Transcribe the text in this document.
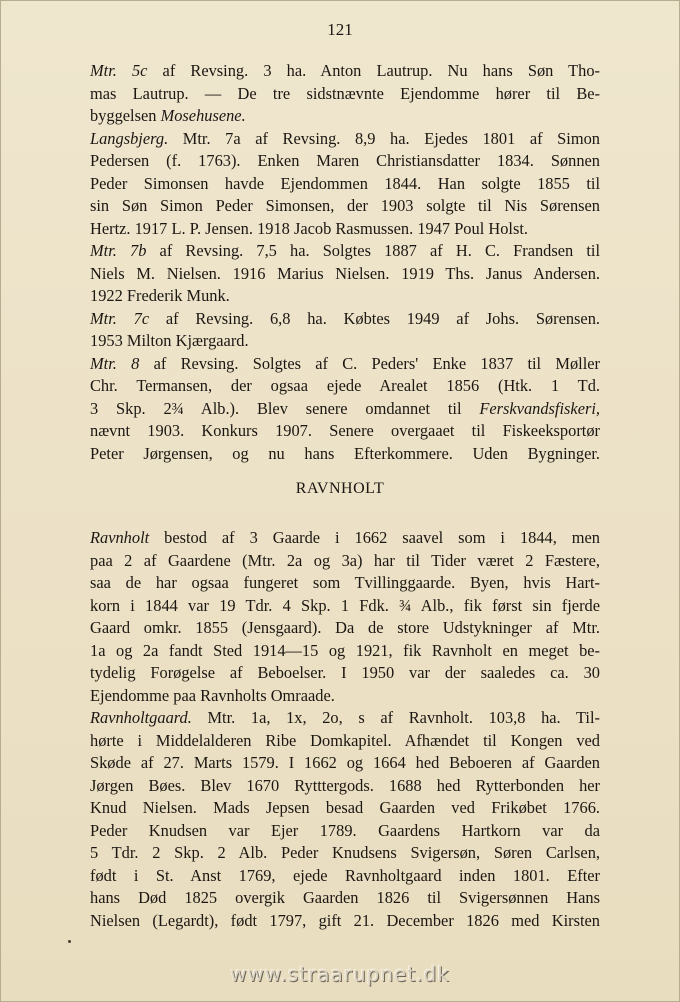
121
Mtr. 5c af Revsing. 3 ha. Anton Lautrup. Nu hans Søn Tho-
mas Lautrup. — De tre sidstnævnte Ejendomme hører til Be-
byggelsen Mosehusene.
Langsbjerg. Mtr. 7a af Revsing. 8,9 ha. Ejedes 1801 af Simon
Pedersen (f. 1763). Enken Maren Christiansdatter 1834. Sønnen
Peder Simonsen havde Ejendommen 1844. Han solgte 1855 til
sin Søn Simon Peder Simonsen, der 1903 solgte til Nis Sørensen
Hertz. 1917 L. P. Jensen. 1918 Jacob Rasmussen. 1947 Poul Holst.
Mtr. 7b af Revsing. 7,5 ha. Solgtes 1887 af H. C. Frandsen til
Niels M. Nielsen. 1916 Marius Nielsen. 1919 Ths. Janus Andersen.
1922 Frederik Munk.
Mtr. 7c af Revsing. 6,8 ha. Købtes 1949 af Johs. Sørensen.
1953 Milton Kjærgaard.
Mtr. 8 af Revsing. Solgtes af C. Peders' Enke 1837 til Møller
Chr. Termansen, der ogsaa ejede Arealet 1856 (Htk. 1 Td.
3 Skp. 2¾ Alb.). Blev senere omdannet til Ferskvandsfiskeri,
nævnt 1903. Konkurs 1907. Senere overgaaet til Fiskeeksportør
Peter Jørgensen, og nu hans Efterkommere. Uden Bygninger.
RAVNHOLT
Ravnholt bestod af 3 Gaarde i 1662 saavel som i 1844, men
paa 2 af Gaardene (Mtr. 2a og 3a) har til Tider været 2 Fæstere,
saa de har ogsaa fungeret som Tvillinggaarde. Byen, hvis Hart-
korn i 1844 var 19 Tdr. 4 Skp. 1 Fdk. ¾ Alb., fik først sin fjerde
Gaard omkr. 1855 (Jensgaard). Da de store Udstykninger af Mtr.
1a og 2a fandt Sted 1914—15 og 1921, fik Ravnholt en meget be-
tydelig Forøgelse af Beboelser. I 1950 var der saaledes ca. 30
Ejendomme paa Ravnholts Omraade.
Ravnholtgaard. Mtr. 1a, 1x, 2o, s af Ravnholt. 103,8 ha. Til-
hørte i Middelalderen Ribe Domkapitel. Afhændet til Kongen ved
Skøde af 27. Marts 1579. I 1662 og 1664 hed Beboeren af Gaarden
Jørgen Bøes. Blev 1670 Rytttergods. 1688 hed Rytterbonden her
Knud Nielsen. Mads Jepsen besad Gaarden ved Frikøbet 1766.
Peder Knudsen var Ejer 1789. Gaardens Hartkorn var da
5 Tdr. 2 Skp. 2 Alb. Peder Knudsens Svigersøn, Søren Carlsen,
født i St. Anst 1769, ejede Ravnholtgaard inden 1801. Efter
hans Død 1825 overgik Gaarden 1826 til Svigersønnen Hans
Nielsen (Legardt), født 1797, gift 21. December 1826 med Kirsten
www.straarupnet.dk
